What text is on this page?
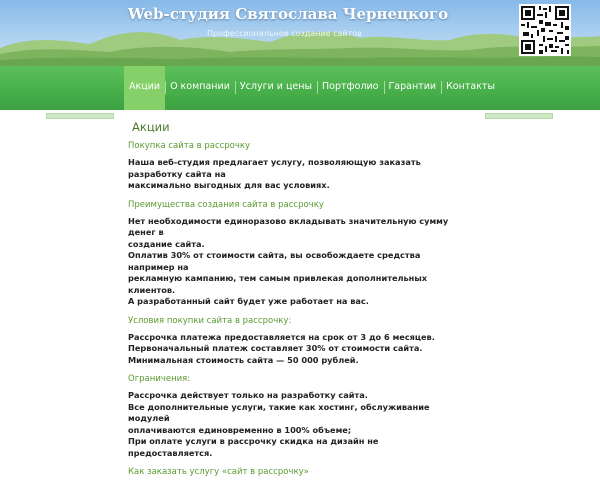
Web-студия Святослава Чернецкого
Профессиональное создание сайтов
Акции	О компании	Услуги и цены	Портфолио	Гарантии	Контакты
Акции
Покупка сайта в рассрочку
Наша веб-студия предлагает услугу, позволяющую заказать разработку сайта на
максимально выгодных для вас условиях.
Преимущества создания сайта в рассрочку
Нет необходимости единоразово вкладывать значительную сумму денег в
создание сайта.
Оплатив 30% от стоимости сайта, вы освобождаете средства например на
рекламную кампанию, тем самым привлекая дополнительных клиентов.
А разработанный сайт будет уже работает на вас.
Условия покупки сайта в рассрочку:
Рассрочка платежа предоставляется на срок от 3 до 6 месяцев.
Первоначальный платеж составляет 30% от стоимости сайта.
Минимальная стоимость сайта — 50 000 рублей.
Ограничения:
Рассрочка действует только на разработку сайта.
Все дополнительные услуги, такие как хостинг, обслуживание модулей
оплачиваются единовременно в 100% объеме;
При оплате услуги в рассрочку скидка на дизайн не предоставляется.
Как заказать услугу «сайт в рассрочку»
